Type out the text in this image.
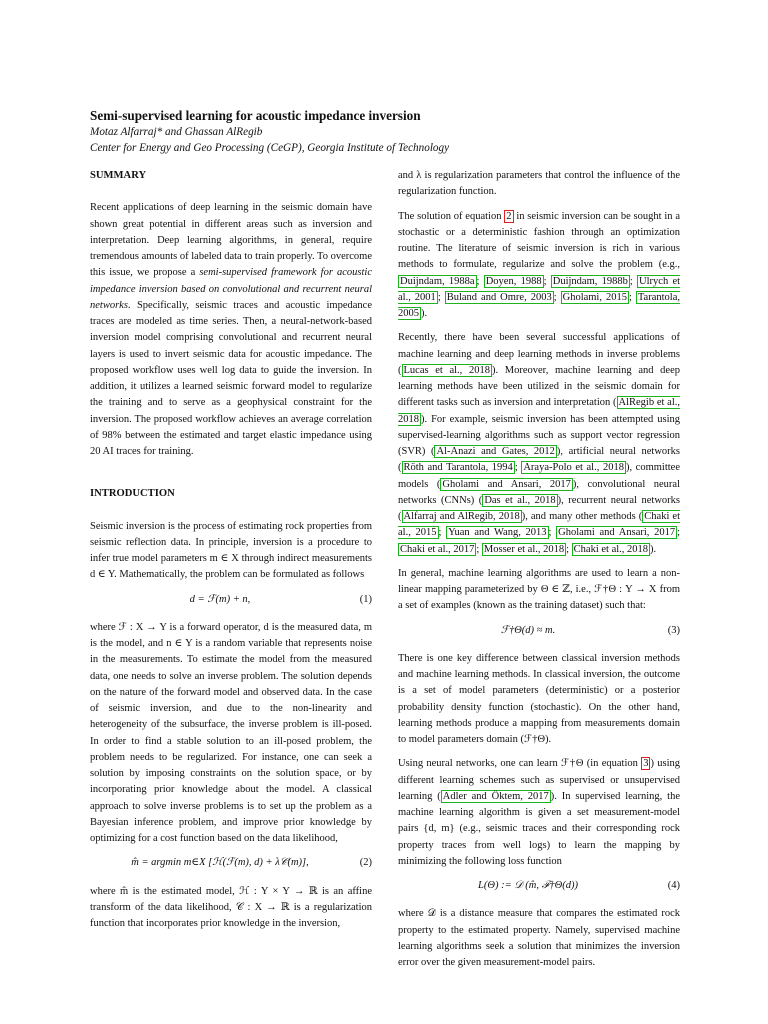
Semi-supervised learning for acoustic impedance inversion

Motaz Alfarraj* and Ghassan AlRegib

Center for Energy and Geo Processing (CeGP), Georgia Institute of Technology

SUMMARY

Recent applications of deep learning in the seismic domain have shown great potential in different areas such as inversion and interpretation. Deep learning algorithms, in general, require tremendous amounts of labeled data to train properly. To overcome this issue, we propose a semi-supervised framework for acoustic impedance inversion based on convolutional and recurrent neural networks. Specifically, seismic traces and acoustic impedance traces are modeled as time series. Then, a neural-network-based inversion model comprising convolutional and recurrent neural layers is used to invert seismic data for acoustic impedance. The proposed workflow uses well log data to guide the inversion. In addition, it utilizes a learned seismic forward model to regularize the training and to serve as a geophysical constraint for the inversion. The proposed workflow achieves an average correlation of 98% between the estimated and target elastic impedance using 20 AI traces for training.

INTRODUCTION

Seismic inversion is the process of estimating rock properties from seismic reflection data. In principle, inversion is a procedure to infer true model parameters m ∈ X through indirect measurements d ∈ Y. Mathematically, the problem can be formulated as follows

d = ℱ(m) + n,	(1)

where ℱ : X → Y is a forward operator, d is the measured data, m is the model, and n ∈ Y is a random variable that represents noise in the measurements. To estimate the model from the measured data, one needs to solve an inverse problem. The solution depends on the nature of the forward model and observed data. In the case of seismic inversion, and due to the non-linearity and heterogeneity of the subsurface, the inverse problem is ill-posed. In order to find a stable solution to an ill-posed problem, the problem needs to be regularized. For instance, one can seek a solution by imposing constraints on the solution space, or by incorporating prior knowledge about the model. A classical approach to solve inverse problems is to set up the problem as a Bayesian inference problem, and improve prior knowledge by optimizing for a cost function based on the data likelihood,

m̂ = argmin m∈X [ℋ(ℱ(m), d) + λ𝒞(m)],	(2)

where m̂ is the estimated model, ℋ : Y × Y → ℝ is an affine transform of the data likelihood, 𝒞 : X → ℝ is a regularization function that incorporates prior knowledge in the inversion,

and λ is regularization parameters that control the influence of the regularization function.

The solution of equation 2 in seismic inversion can be sought in a stochastic or a deterministic fashion through an optimization routine. The literature of seismic inversion is rich in various methods to formulate, regularize and solve the problem (e.g., Duijndam, 1988a ; Doyen, 1988 ; Duijndam, 1988b ; Ulrych et al., 2001 ; Buland and Omre, 2003 ; Gholami, 2015 ; Tarantola, 2005 ).

Recently, there have been several successful applications of machine learning and deep learning methods in inverse problems ( Lucas et al., 2018 ). Moreover, machine learning and deep learning methods have been utilized in the seismic domain for different tasks such as inversion and interpretation ( AlRegib et al., 2018 ). For example, seismic inversion has been attempted using supervised-learning algorithms such as support vector regression (SVR) ( Al-Anazi and Gates, 2012 ), artificial neural networks ( Röth and Tarantola, 1994 ; Araya-Polo et al., 2018 ), committee models ( Gholami and Ansari, 2017 ), convolutional neural networks (CNNs) ( Das et al., 2018 ), recurrent neural networks ( Alfarraj and AlRegib, 2018 ), and many other methods ( Chaki et al., 2015 ; Yuan and Wang, 2013 ; Gholami and Ansari, 2017 ; Chaki et al., 2017 ; Mosser et al., 2018 ; Chaki et al., 2018 ).

In general, machine learning algorithms are used to learn a non-linear mapping parameterized by Θ ∈ ℤ, i.e., ℱ†Θ : Y → X from a set of examples (known as the training dataset) such that:

ℱ†Θ(d) ≈ m.	(3)

There is one key difference between classical inversion methods and machine learning methods. In classical inversion, the outcome is a set of model parameters (deterministic) or a posterior probability density function (stochastic). On the other hand, learning methods produce a mapping from measurements domain to model parameters domain (ℱ†Θ).

Using neural networks, one can learn ℱ†Θ (in equation 3 ) using different learning schemes such as supervised or unsupervised learning ( Adler and Öktem, 2017 ). In supervised learning, the machine learning algorithm is given a set measurement-model pairs {d, m} (e.g., seismic traces and their corresponding rock property traces from well logs) to learn the mapping by minimizing the following loss function

L(Θ) := 𝒟 (m̂, ℱ†Θ(d))	(4)

where 𝒟 is a distance measure that compares the estimated rock property to the estimated property. Namely, supervised machine learning algorithms seek a solution that minimizes the inversion error over the given measurement-model pairs.
